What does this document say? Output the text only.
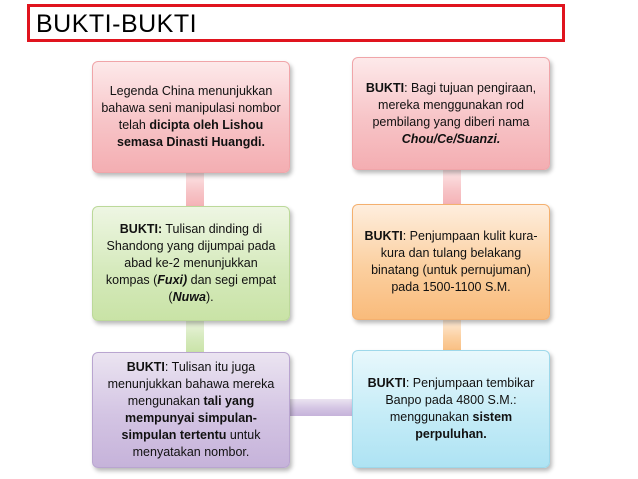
BUKTI-BUKTI
Legenda China menunjukkan bahawa seni manipulasi nombor telah dicipta oleh Lishou semasa Dinasti Huangdi.
BUKTI: Tulisan dinding di Shandong yang dijumpai pada abad ke-2 menunjukkan kompas (Fuxi) dan segi empat (Nuwa).
BUKTI: Tulisan itu juga menunjukkan bahawa mereka mengunakan tali yang mempunyai simpulan-simpulan tertentu untuk menyatakan nombor.
BUKTI: Bagi tujuan pengiraan, mereka menggunakan rod pembilang yang diberi nama Chou/Ce/Suanzi.
BUKTI: Penjumpaan kulit kura-kura dan tulang belakang binatang (untuk pernujuman) pada 1500-1100 S.M.
BUKTI: Penjumpaan tembikar Banpo pada 4800 S.M.: menggunakan sistem perpuluhan.
